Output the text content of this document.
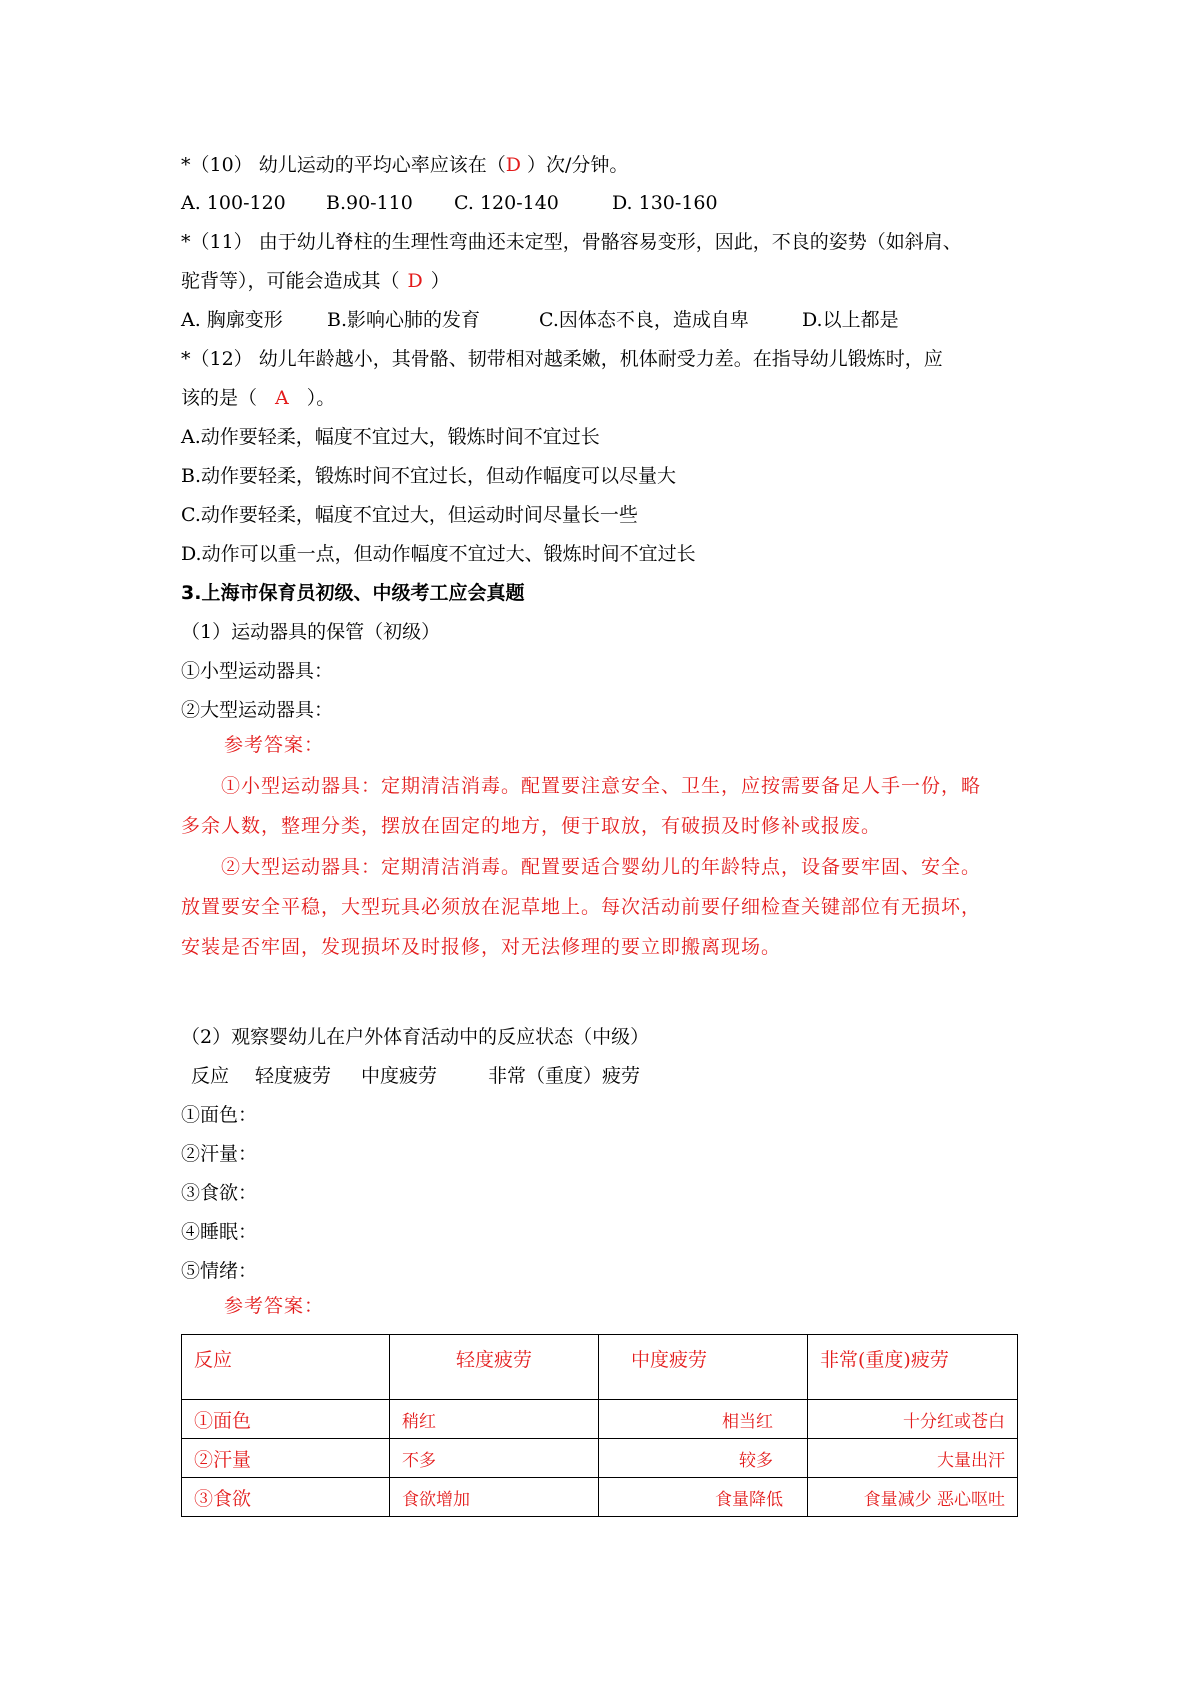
*（10） 幼儿运动的平均心率应该在（D ）次/分钟。
A. 100-120 B.90-110 C. 120-140	D. 130-160
*（11） 由于幼儿脊柱的生理性弯曲还未定型，骨骼容易变形，因此，不良的姿势（如斜肩、
驼背等），可能会造成其（ D ）
A. 胸廓变形 B.影响心肺的发育	C.因体态不良，造成自卑	D.以上都是
*（12） 幼儿年龄越小，其骨骼、韧带相对越柔嫩，机体耐受力差。在指导幼儿锻炼时，应
该的是（ A ）。
A.动作要轻柔，幅度不宜过大，锻炼时间不宜过长
B.动作要轻柔，锻炼时间不宜过长，但动作幅度可以尽量大
C.动作要轻柔，幅度不宜过大，但运动时间尽量长一些
D.动作可以重一点，但动作幅度不宜过大、锻炼时间不宜过长
3.上海市保育员初级、中级考工应会真题
（1）运动器具的保管（初级）
①小型运动器具：
②大型运动器具：
参考答案：
①小型运动器具：定期清洁消毒。配置要注意安全、卫生，应按需要备足人手一份，略
多余人数，整理分类，摆放在固定的地方，便于取放，有破损及时修补或报废。
②大型运动器具：定期清洁消毒。配置要适合婴幼儿的年龄特点，设备要牢固、安全。
放置要安全平稳，大型玩具必须放在泥草地上。每次活动前要仔细检查关键部位有无损坏，
安装是否牢固，发现损坏及时报修，对无法修理的要立即搬离现场。
（2）观察婴幼儿在户外体育活动中的反应状态（中级）
反应 轻度疲劳 中度疲劳	非常（重度）疲劳
①面色：
②汗量：
③食欲：
④睡眠：
⑤情绪：
参考答案：
反应	轻度疲劳	中度疲劳	非常(重度)疲劳
①面色	稍红	相当红	十分红或苍白
②汗量	不多	较多	大量出汗
③食欲	食欲增加	食量降低	食量减少 恶心呕吐
